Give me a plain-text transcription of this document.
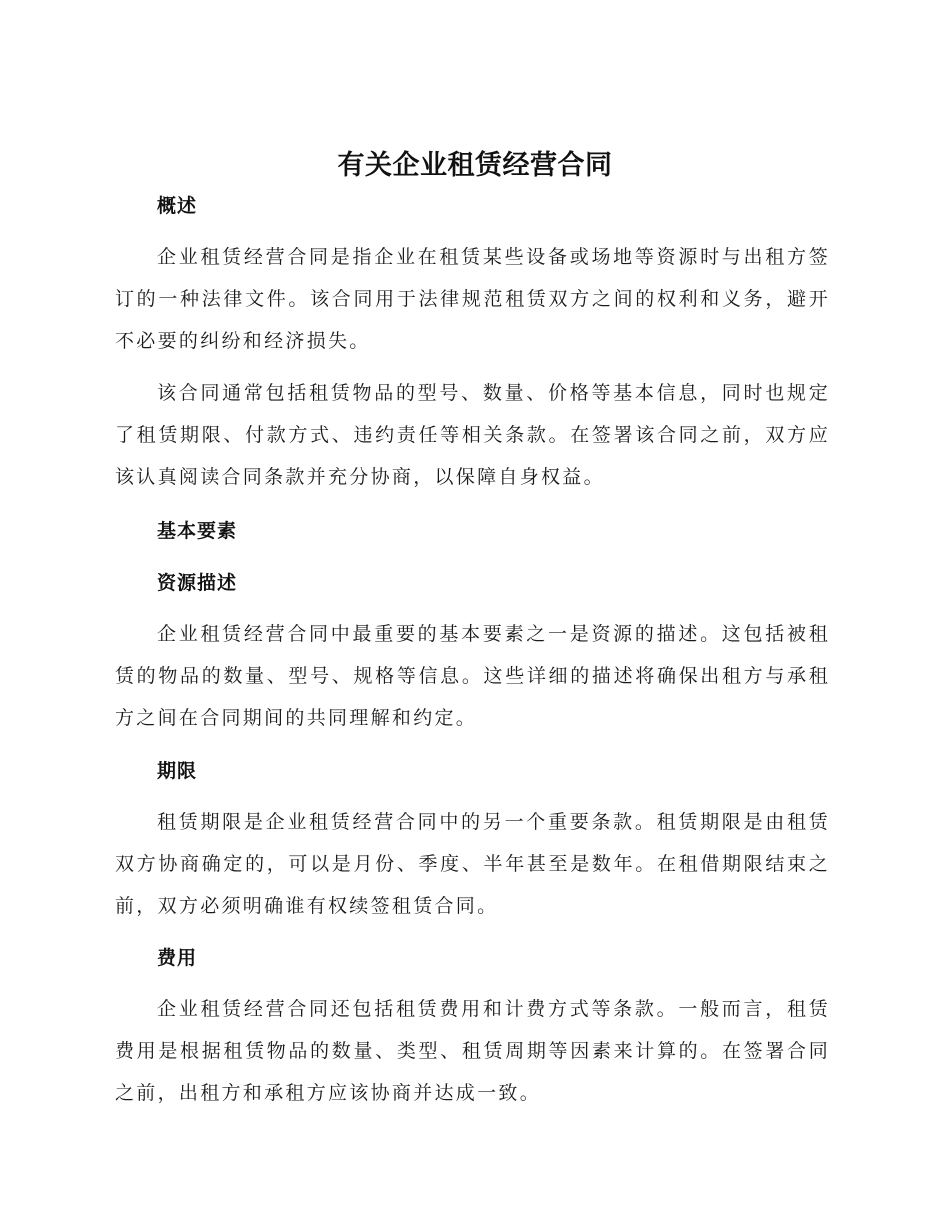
有关企业租赁经营合同
概述

企业租赁经营合同是指企业在租赁某些设备或场地等资源时与出租方签订的一种法律文件。该合同用于法律规范租赁双方之间的权利和义务，避开不必要的纠纷和经济损失。

该合同通常包括租赁物品的型号、数量、价格等基本信息，同时也规定了租赁期限、付款方式、违约责任等相关条款。在签署该合同之前，双方应该认真阅读合同条款并充分协商，以保障自身权益。

基本要素
资源描述

企业租赁经营合同中最重要的基本要素之一是资源的描述。这包括被租赁的物品的数量、型号、规格等信息。这些详细的描述将确保出租方与承租方之间在合同期间的共同理解和约定。

期限

租赁期限是企业租赁经营合同中的另一个重要条款。租赁期限是由租赁双方协商确定的，可以是月份、季度、半年甚至是数年。在租借期限结束之前，双方必须明确谁有权续签租赁合同。

费用

企业租赁经营合同还包括租赁费用和计费方式等条款。一般而言，租赁费用是根据租赁物品的数量、类型、租赁周期等因素来计算的。在签署合同之前，出租方和承租方应该协商并达成一致。
